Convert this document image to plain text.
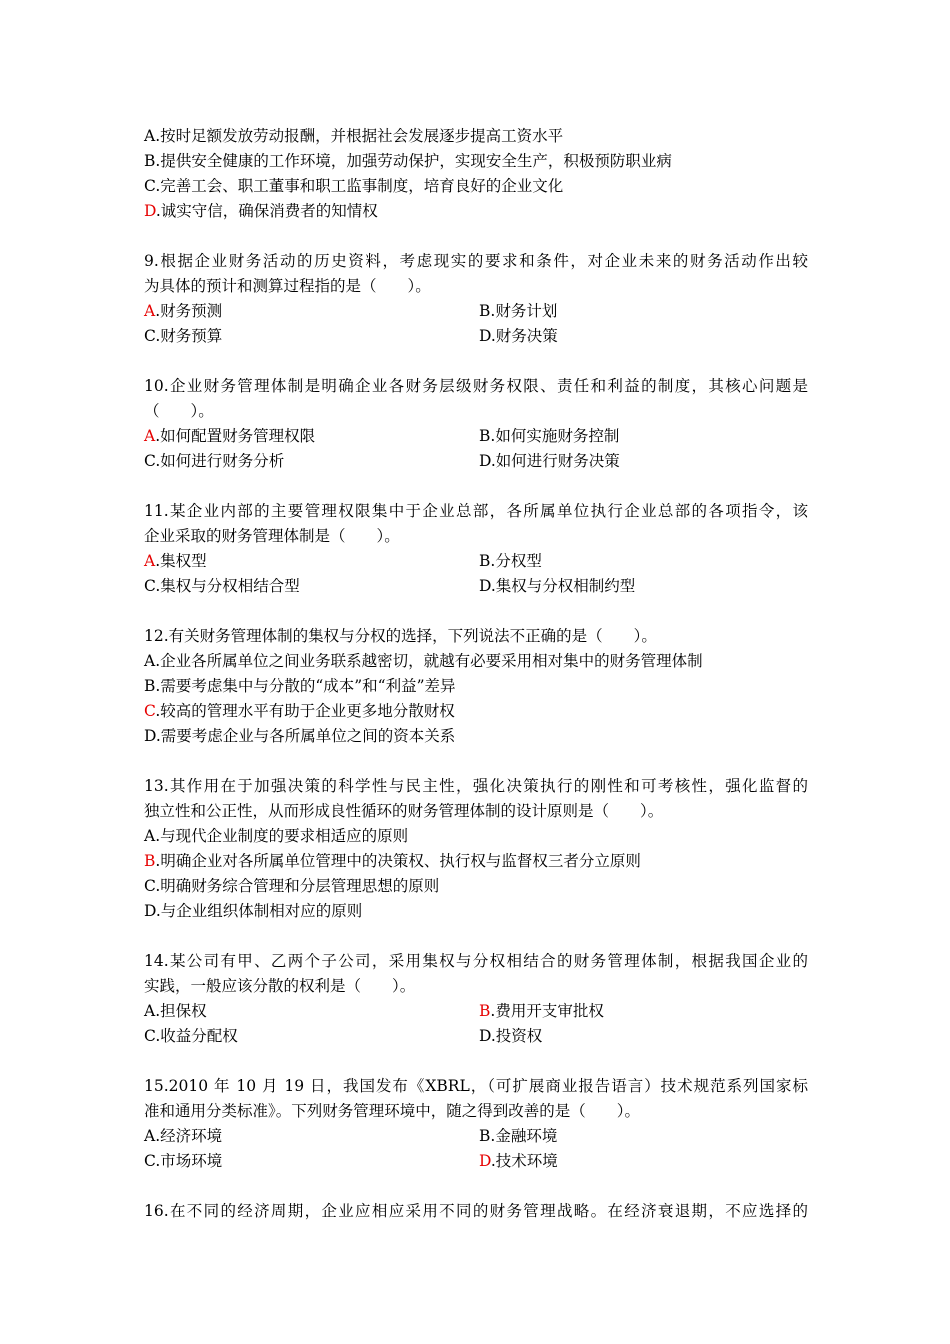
A.按时足额发放劳动报酬，并根据社会发展逐步提高工资水平
B.提供安全健康的工作环境，加强劳动保护，实现安全生产，积极预防职业病
C.完善工会、职工董事和职工监事制度，培育良好的企业文化
D.诚实守信，确保消费者的知情权
9.根据企业财务活动的历史资料，考虑现实的要求和条件，对企业未来的财务活动作出较
为具体的预计和测算过程指的是（　　）。
A.财务预测	B.财务计划
C.财务预算	D.财务决策
10.企业财务管理体制是明确企业各财务层级财务权限、责任和利益的制度，其核心问题是
（　　）。
A.如何配置财务管理权限	B.如何实施财务控制
C.如何进行财务分析	D.如何进行财务决策
11.某企业内部的主要管理权限集中于企业总部，各所属单位执行企业总部的各项指令，该
企业采取的财务管理体制是（　　）。
A.集权型	B.分权型
C.集权与分权相结合型	D.集权与分权相制约型
12.有关财务管理体制的集权与分权的选择，下列说法不正确的是（　　）。
A.企业各所属单位之间业务联系越密切，就越有必要采用相对集中的财务管理体制
B.需要考虑集中与分散的“成本”和“利益”差异
C.较高的管理水平有助于企业更多地分散财权
D.需要考虑企业与各所属单位之间的资本关系
13.其作用在于加强决策的科学性与民主性，强化决策执行的刚性和可考核性，强化监督的
独立性和公正性，从而形成良性循环的财务管理体制的设计原则是（　　）。
A.与现代企业制度的要求相适应的原则
B.明确企业对各所属单位管理中的决策权、执行权与监督权三者分立原则
C.明确财务综合管理和分层管理思想的原则
D.与企业组织体制相对应的原则
14.某公司有甲、乙两个子公司，采用集权与分权相结合的财务管理体制，根据我国企业的
实践，一般应该分散的权利是（　　）。
A.担保权	B.费用开支审批权
C.收益分配权	D.投资权
15.2010 年 10 月 19 日，我国发布《XBRL，（可扩展商业报告语言）技术规范系列国家标
准和通用分类标准》。下列财务管理环境中，随之得到改善的是（　　）。
A.经济环境	B.金融环境
C.市场环境	D.技术环境
16.在不同的经济周期，企业应相应采用不同的财务管理战略。在经济衰退期，不应选择的
